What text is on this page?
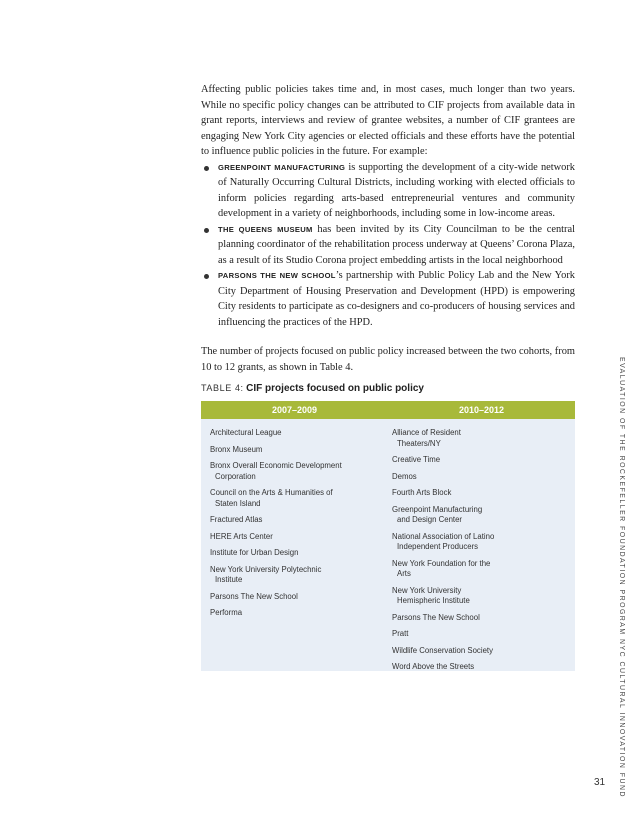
Affecting public policies takes time and, in most cases, much longer than two years. While no specific policy changes can be attributed to CIF projects from available data in grant reports, interviews and review of grantee websites, a number of CIF grantees are engaging New York City agencies or elected officials and these efforts have the potential to influence public policies in the future. For example:

GREENPOINT MANUFACTURING is supporting the development of a city-wide network of Naturally Occurring Cultural Districts, including working with elected officials to inform policies regarding arts-based entrepreneurial ventures and community development in a variety of neighborhoods, including some in low-income areas.
THE QUEENS MUSEUM has been invited by its City Councilman to be the central planning coordinator of the rehabilitation process underway at Queens’ Corona Plaza, as a result of its Studio Corona project embedding artists in the local neighborhood
PARSONS THE NEW SCHOOL’s partnership with Public Policy Lab and the New York City Department of Housing Preservation and Development (HPD) is empowering City residents to participate as co-designers and co-producers of housing services and influencing the practices of the HPD.

The number of projects focused on public policy increased between the two cohorts, from 10 to 12 grants, as shown in Table 4.

TABLE 4: CIF projects focused on public policy
2007–2009	2010–2012
Architectural League
Bronx Museum
Bronx Overall Economic Development

Corporation
Council on the Arts & Humanities of

Staten Island
Fractured Atlas
HERE Arts Center
Institute for Urban Design
New York University Polytechnic

Institute
Parsons The New School
Performa
Alliance of Resident

Theaters/NY
Creative Time
Demos
Fourth Arts Block
Greenpoint Manufacturing

and Design Center
National Association of Latino

Independent Producers
New York Foundation for the

Arts
New York University

Hemispheric Institute
Parsons The New School
Pratt
Wildlife Conservation Society
Word Above the Streets	EVALUATION OF THE ROCKEFELLER FOUNDATION PROGRAM NYC CULTURAL INNOVATION FUND
31
